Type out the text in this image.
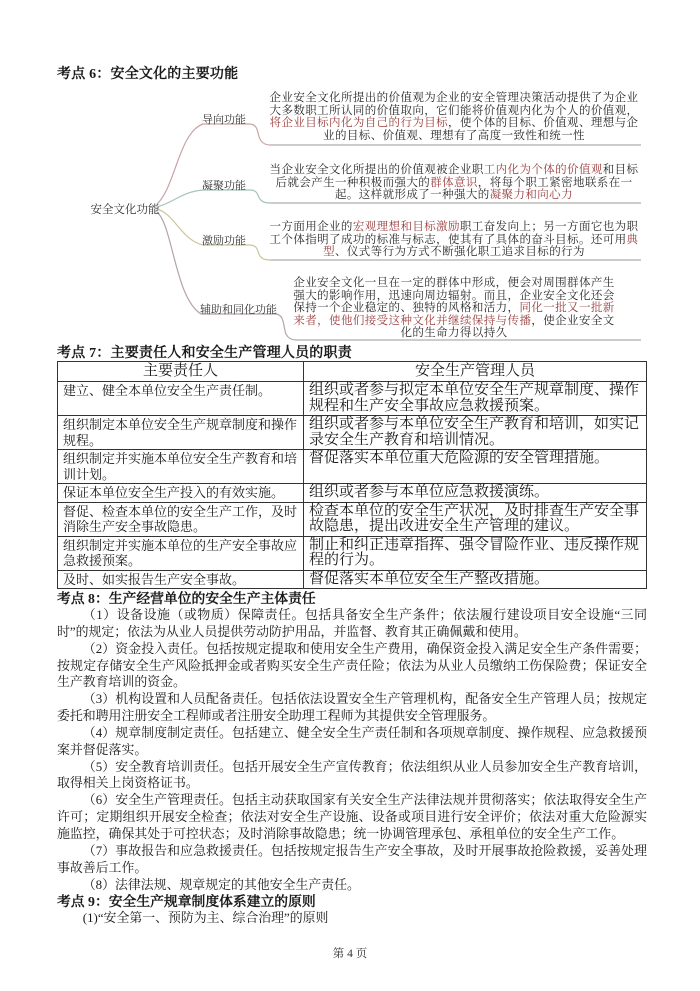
考点 6：安全文化的主要功能
安全文化功能
导向功能
凝聚功能
激励功能
辅助和同化功能
企业安全文化所提出的价值观为企业的安全管理决策活动提供了为企业大多数职工所认同的价值取向，它们能将价值观内化为个人的价值观，将企业目标内化为自己的行为目标，使个体的目标、价值观、理想与企业的目标、价值观、理想有了高度一致性和统一性
当企业安全文化所提出的价值观被企业职工内化为个体的价值观和目标后就会产生一种积极而强大的群体意识，将每个职工紧密地联系在一起。这样就形成了一种强大的凝聚力和向心力
一方面用企业的宏观理想和目标激励职工奋发向上；另一方面它也为职工个体指明了成功的标准与标志，使其有了具体的奋斗目标。还可用典型、仪式等行为方式不断强化职工追求目标的行为
企业安全文化一旦在一定的群体中形成，便会对周围群体产生强大的影响作用，迅速向周边辐射。而且，企业安全文化还会保持一个企业稳定的、独特的风格和活力，同化一批又一批新来者，使他们接受这种文化并继续保持与传播，使企业安全文化的生命力得以持久
考点 7：主要责任人和安全生产管理人员的职责
主要责任人	安全生产管理人员
建立、健全本单位安全生产责任制。	组织或者参与拟定本单位安全生产规章制度、操作规程和生产安全事故应急救援预案。
组织制定本单位安全生产规章制度和操作规程。	组织或者参与本单位安全生产教育和培训，如实记录安全生产教育和培训情况。
组织制定并实施本单位安全生产教育和培训计划。	督促落实本单位重大危险源的安全管理措施。
保证本单位安全生产投入的有效实施。	组织或者参与本单位应急救援演练。
督促、检查本单位的安全生产工作，及时消除生产安全事故隐患。	检查本单位的安全生产状况，及时排查生产安全事故隐患，提出改进安全生产管理的建议。
组织制定并实施本单位的生产安全事故应急救援预案。	制止和纠正违章指挥、强令冒险作业、违反操作规程的行为。
及时、如实报告生产安全事故。	督促落实本单位安全生产整改措施。
考点 8：生产经营单位的安全生产主体责任

（1）设备设施（或物质）保障责任。包括具备安全生产条件；依法履行建设项目安全设施“三同时”的规定；依法为从业人员提供劳动防护用品，并监督、教育其正确佩戴和使用。

（2）资金投入责任。包括按规定提取和使用安全生产费用，确保资金投入满足安全生产条件需要；按规定存储安全生产风险抵押金或者购买安全生产责任险；依法为从业人员缴纳工伤保险费；保证安全生产教育培训的资金。

（3）机构设置和人员配备责任。包括依法设置安全生产管理机构，配备安全生产管理人员；按规定委托和聘用注册安全工程师或者注册安全助理工程师为其提供安全管理服务。

（4）规章制度制定责任。包括建立、健全安全生产责任制和各项规章制度、操作规程、应急救援预案并督促落实。

（5）安全教育培训责任。包括开展安全生产宣传教育；依法组织从业人员参加安全生产教育培训，取得相关上岗资格证书。

（6）安全生产管理责任。包括主动获取国家有关安全生产法律法规并贯彻落实；依法取得安全生产许可；定期组织开展安全检查；依法对安全生产设施、设备或项目进行安全评价；依法对重大危险源实施监控，确保其处于可控状态；及时消除事故隐患；统一协调管理承包、承租单位的安全生产工作。

（7）事故报告和应急救援责任。包括按规定报告生产安全事故，及时开展事故抢险救援，妥善处理事故善后工作。

（8）法律法规、规章规定的其他安全生产责任。

考点 9：安全生产规章制度体系建立的原则

(1)“安全第一、预防为主、综合治理”的原则

第 4 页
